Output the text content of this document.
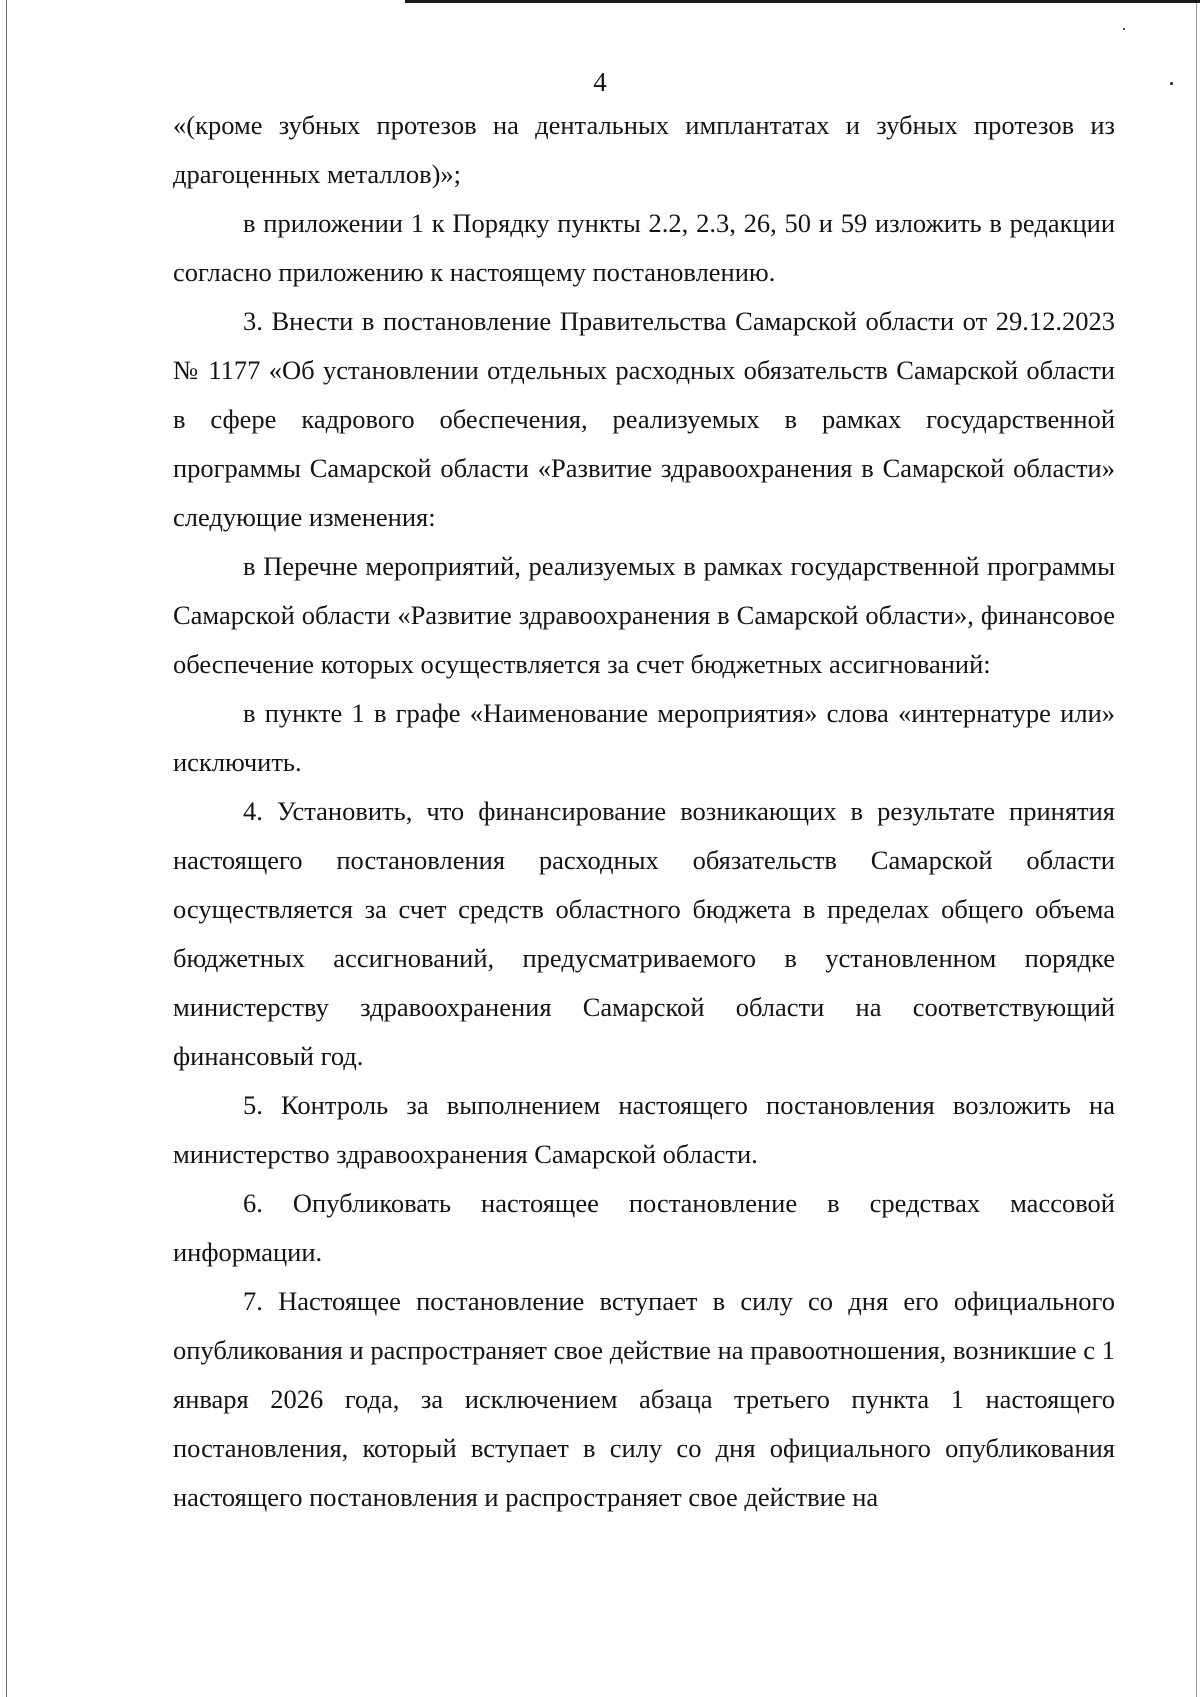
4

«(кроме зубных протезов на дентальных имплантатах и зубных протезов из драгоценных металлов)»;

в приложении 1 к Порядку пункты 2.2, 2.3, 26, 50 и 59 изложить в редакции согласно приложению к настоящему постановлению.

3. Внести в постановление Правительства Самарской области от 29.12.2023 № 1177 «Об установлении отдельных расходных обязательств Самарской области в сфере кадрового обеспечения, реализуемых в рамках государственной программы Самарской области «Развитие здравоохранения в Самарской области» следующие изменения:

в Перечне мероприятий, реализуемых в рамках государственной программы Самарской области «Развитие здравоохранения в Самарской области», финансовое обеспечение которых осуществляется за счет бюджетных ассигнований:

в пункте 1 в графе «Наименование мероприятия» слова «интернатуре или» исключить.

4. Установить, что финансирование возникающих в результате принятия настоящего постановления расходных обязательств Самарской области осуществляется за счет средств областного бюджета в пределах общего объема бюджетных ассигнований, предусматриваемого в установленном порядке министерству здравоохранения Самарской области на соответствующий финансовый год.

5. Контроль за выполнением настоящего постановления возложить на министерство здравоохранения Самарской области.

6. Опубликовать настоящее постановление в средствах массовой информации.

7. Настоящее постановление вступает в силу со дня его официального опубликования и распространяет свое действие на правоотношения, возникшие с 1 января 2026 года, за исключением абзаца третьего пункта 1 настоящего постановления, который вступает в силу со дня официального опубликования настоящего постановления и распространяет свое действие на
